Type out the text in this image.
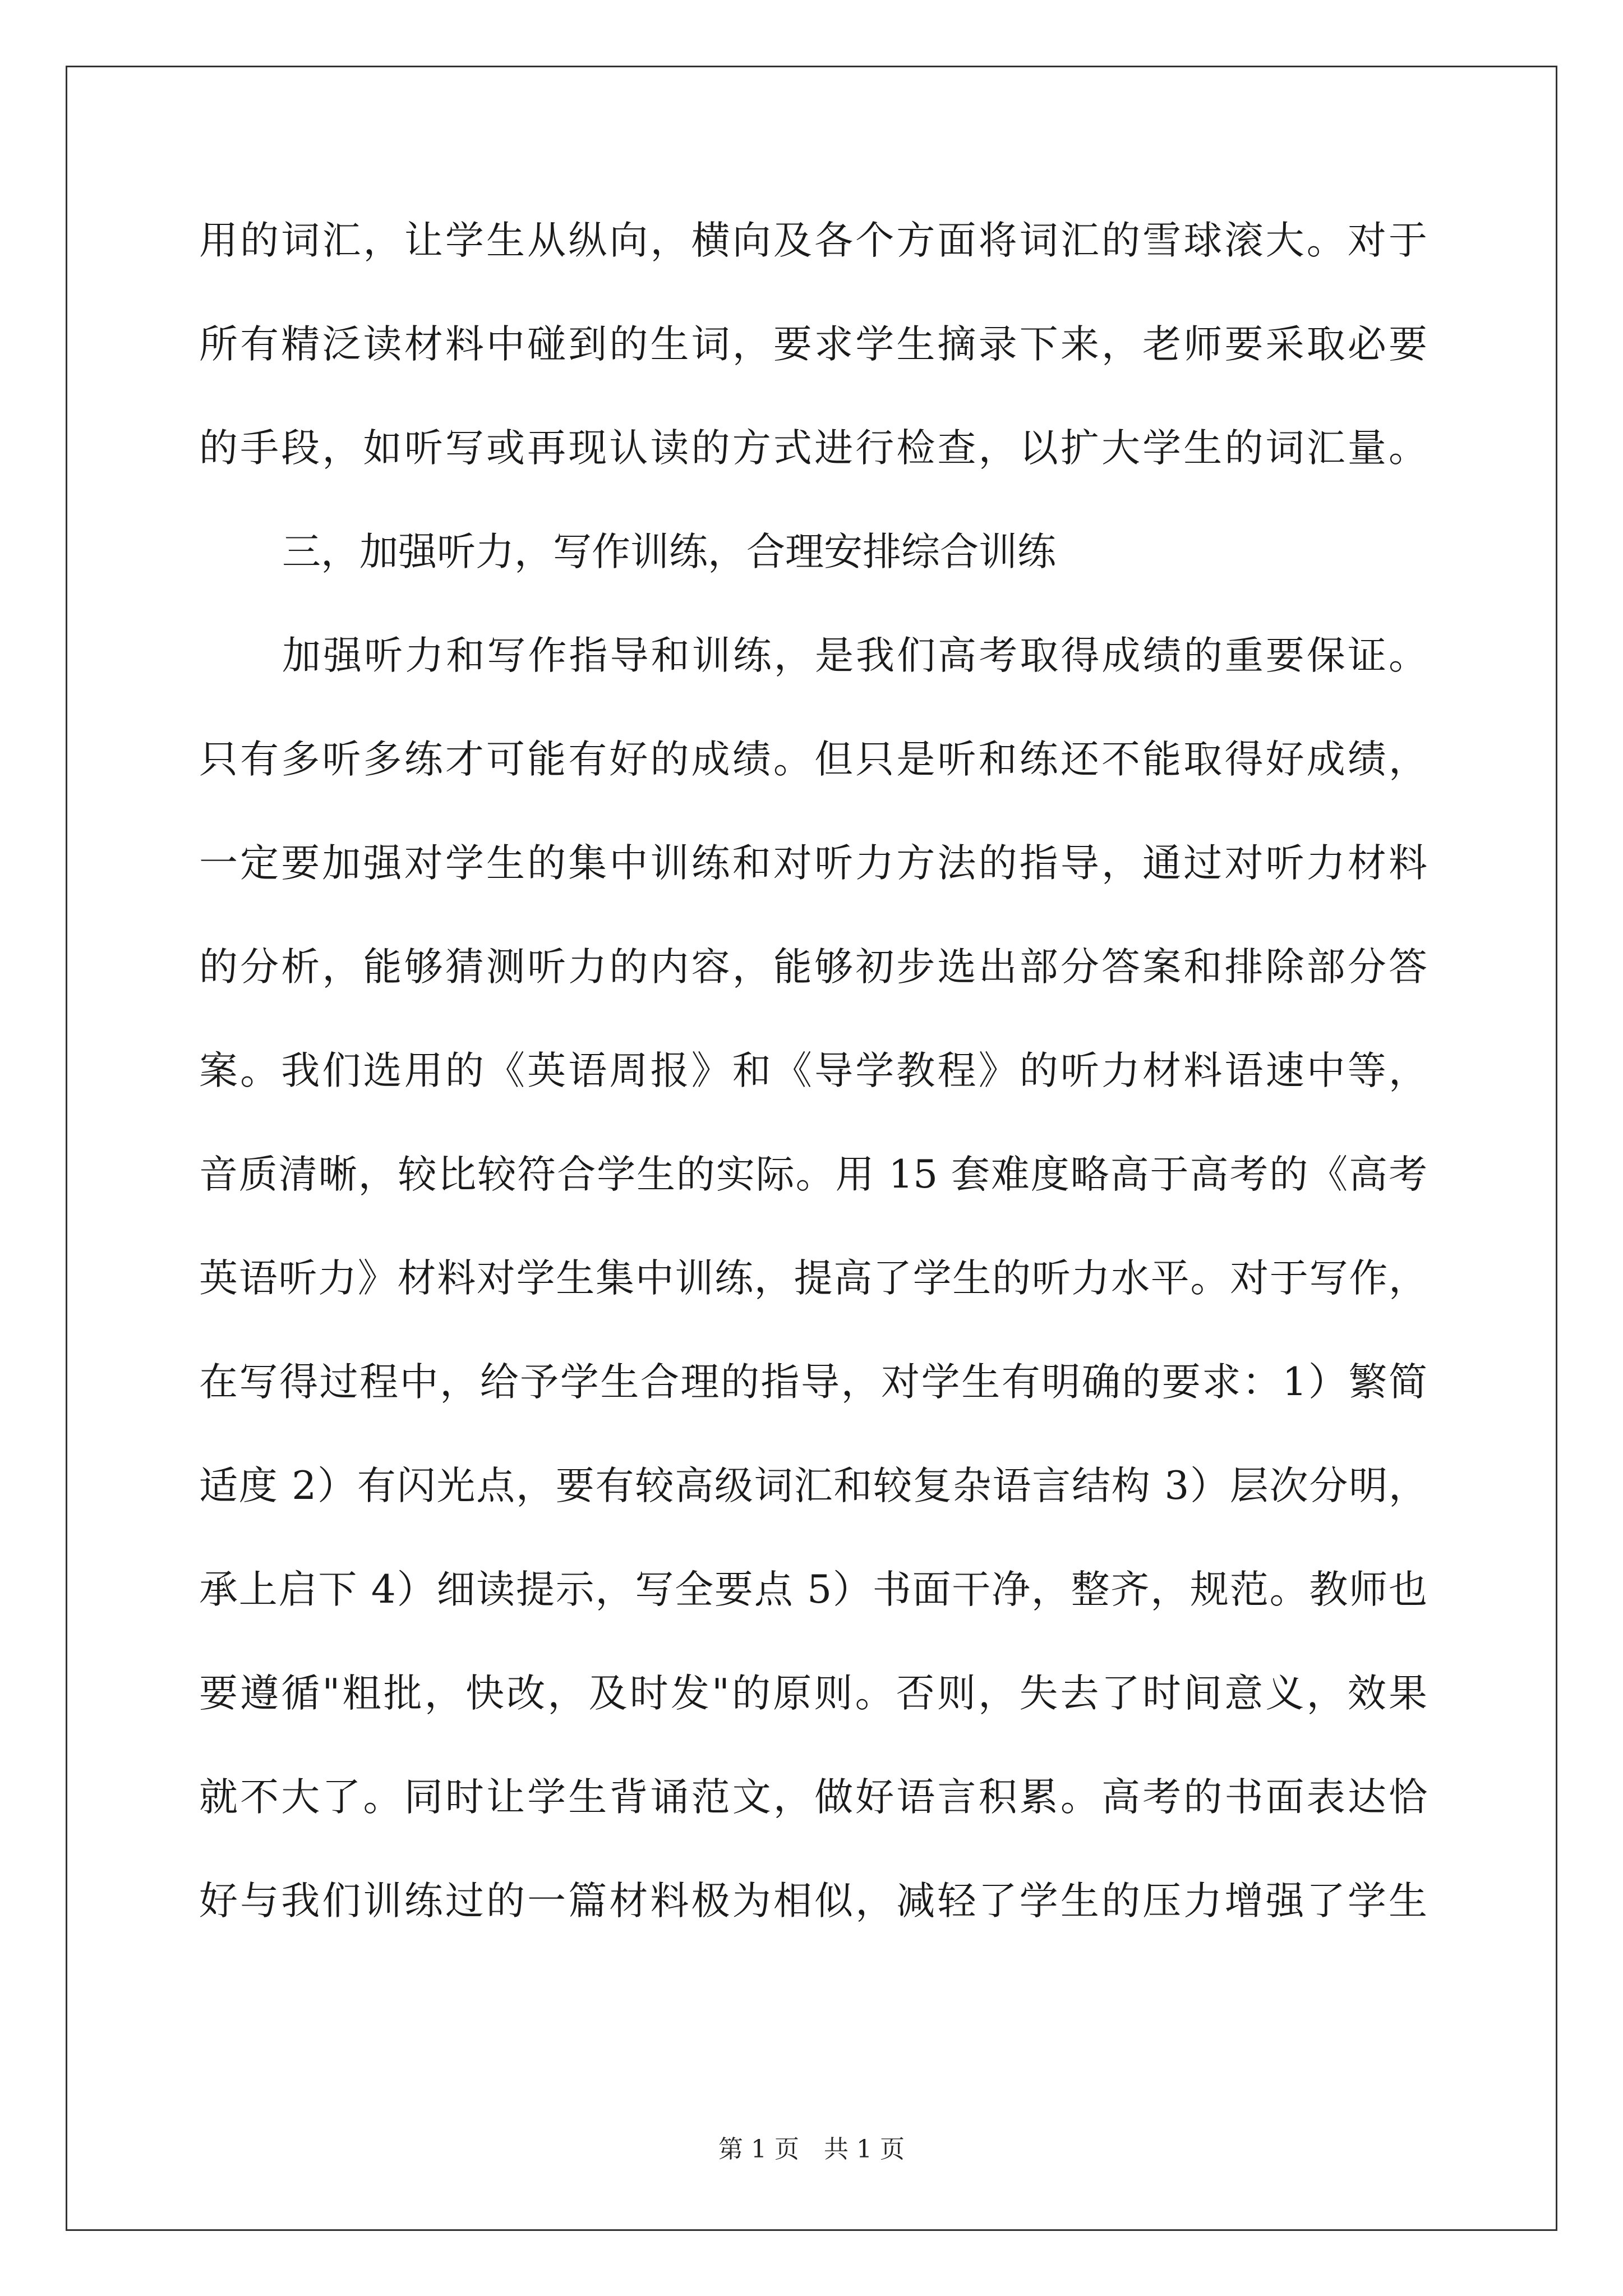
用的词汇，让学生从纵向，横向及各个方面将词汇的雪球滚大。对于
所有精泛读材料中碰到的生词，要求学生摘录下来，老师要采取必要
的手段，如听写或再现认读的方式进行检查，以扩大学生的词汇量。
三，加强听力，写作训练，合理安排综合训练
加强听力和写作指导和训练，是我们高考取得成绩的重要保证。
只有多听多练才可能有好的成绩。但只是听和练还不能取得好成绩，
一定要加强对学生的集中训练和对听力方法的指导，通过对听力材料
的分析，能够猜测听力的内容，能够初步选出部分答案和排除部分答
案。我们选用的《英语周报》和《导学教程》的听力材料语速中等，
音质清晰，较比较符合学生的实际。用 15 套难度略高于高考的《高考
英语听力》材料对学生集中训练，提高了学生的听力水平。对于写作，
在写得过程中，给予学生合理的指导，对学生有明确的要求：1）繁简
适度 2）有闪光点，要有较高级词汇和较复杂语言结构 3）层次分明，
承上启下 4）细读提示，写全要点 5）书面干净，整齐，规范。教师也
要遵循"粗批，快改，及时发"的原则。否则，失去了时间意义，效果
就不大了。同时让学生背诵范文，做好语言积累。高考的书面表达恰
好与我们训练过的一篇材料极为相似，减轻了学生的压力增强了学生
第 1 页 共 1 页
